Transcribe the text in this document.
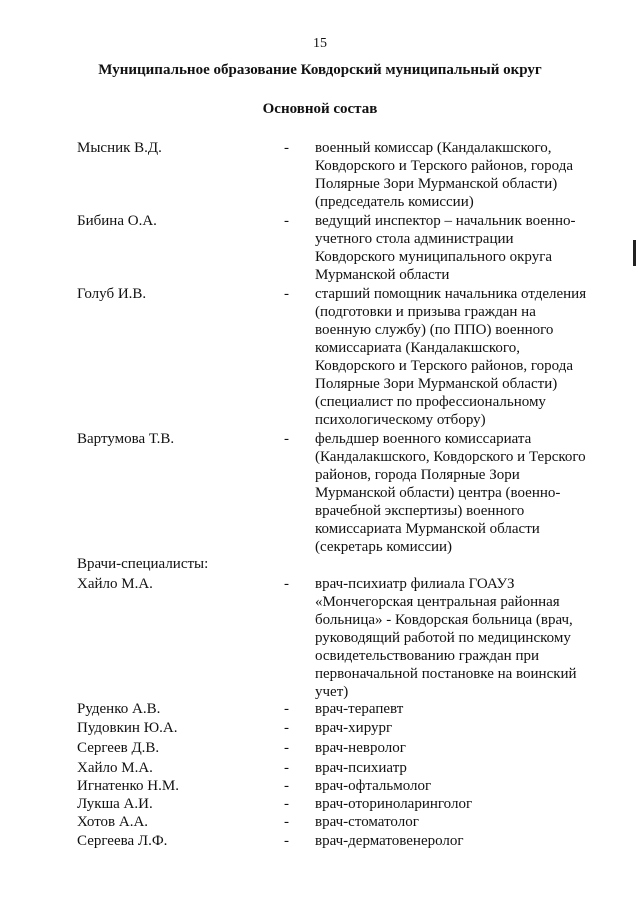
15
Муниципальное образование Ковдорский муниципальный округ
Основной состав
Мысник В.Д.	- военный комиссар (Кандалакшского,
Ковдорского и Терского районов, города
Полярные Зори Мурманской области)
(председатель комиссии)
Бибина О.А.	- ведущий инспектор – начальник военно-
учетного стола администрации
Ковдорского муниципального округа
Мурманской области
Голуб И.В.	- старший помощник начальника отделения
(подготовки и призыва граждан на
военную службу) (по ППО) военного
комиссариата (Кандалакшского,
Ковдорского и Терского районов, города
Полярные Зори Мурманской области)
(специалист по профессиональному
психологическому отбору)
Вартумова Т.В.	- фельдшер военного комиссариата
(Кандалакшского, Ковдорского и Терского
районов, города Полярные Зори
Мурманской области) центра (военно-
врачебной экспертизы) военного
комиссариата Мурманской области
(секретарь комиссии)
Врачи-специалисты:
Хайло М.А.	- врач-психиатр филиала ГОАУЗ
«Мончегорская центральная районная
больница» - Ковдорская больница (врач,
руководящий работой по медицинскому
освидетельствованию граждан при
первоначальной постановке на воинский
учет)
Руденко А.В.	- врач-терапевт
Пудовкин Ю.А.	- врач-хирург
Сергеев Д.В.	- врач-невролог
Хайло М.А.	- врач-психиатр
Игнатенко Н.М.	- врач-офтальмолог
Лукша А.И.	- врач-оториноларинголог
Хотов А.А.	- врач-стоматолог
Сергеева Л.Ф.	- врач-дерматовенеролог
